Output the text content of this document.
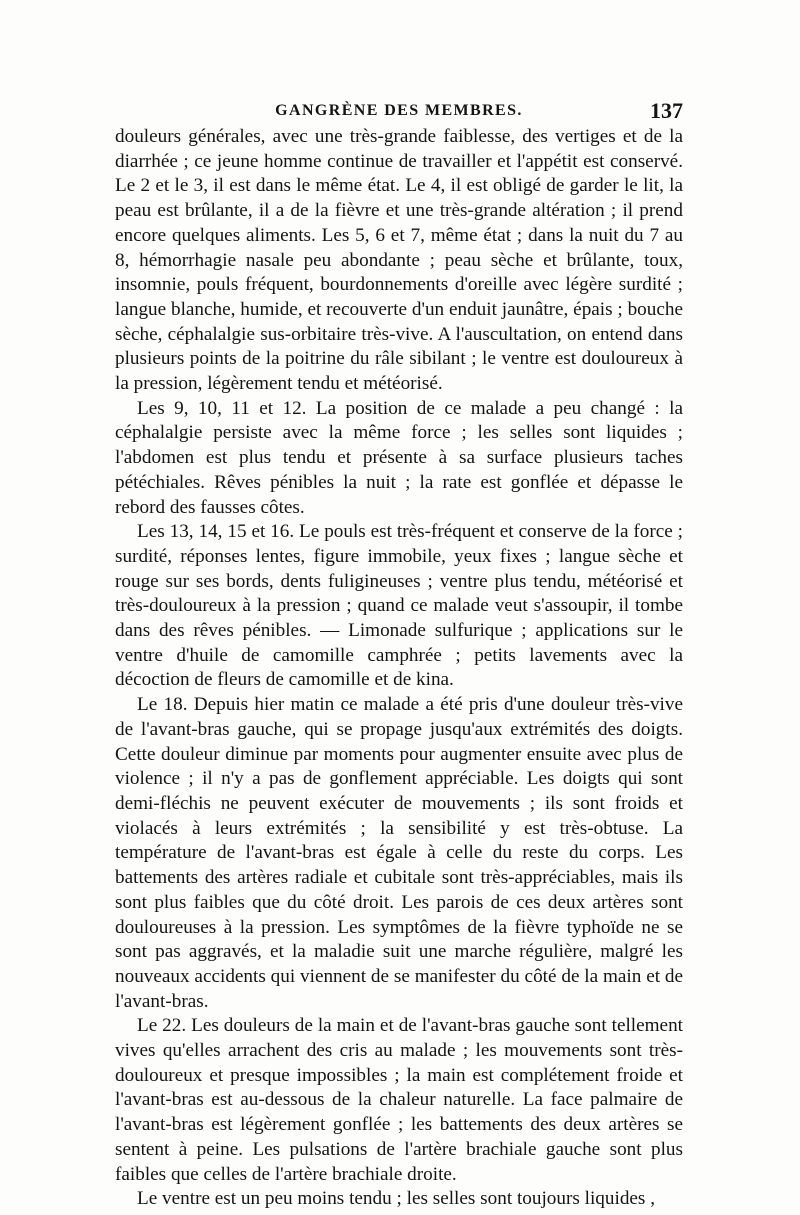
GANGRÈNE DES MEMBRES.	137

douleurs générales, avec une très-grande faiblesse, des vertiges et de la diarrhée ; ce jeune homme continue de travailler et l'appétit est conservé. Le 2 et le 3, il est dans le même état. Le 4, il est obligé de garder le lit, la peau est brûlante, il a de la fièvre et une très-grande altération ; il prend encore quelques aliments. Les 5, 6 et 7, même état ; dans la nuit du 7 au 8, hémorrhagie nasale peu abondante ; peau sèche et brûlante, toux, insomnie, pouls fréquent, bourdonnements d'oreille avec légère surdité ; langue blanche, humide, et recouverte d'un enduit jaunâtre, épais ; bouche sèche, céphalalgie sus-orbitaire très-vive. A l'auscultation, on entend dans plusieurs points de la poitrine du râle sibilant ; le ventre est douloureux à la pression, légèrement tendu et météorisé.

Les 9, 10, 11 et 12. La position de ce malade a peu changé : la céphalalgie persiste avec la même force ; les selles sont liquides ; l'abdomen est plus tendu et présente à sa surface plusieurs taches pétéchiales. Rêves pénibles la nuit ; la rate est gonflée et dépasse le rebord des fausses côtes.

Les 13, 14, 15 et 16. Le pouls est très-fréquent et conserve de la force ; surdité, réponses lentes, figure immobile, yeux fixes ; langue sèche et rouge sur ses bords, dents fuligineuses ; ventre plus tendu, météorisé et très-douloureux à la pression ; quand ce malade veut s'assoupir, il tombe dans des rêves pénibles. — Limonade sulfurique ; applications sur le ventre d'huile de camomille camphrée ; petits lavements avec la décoction de fleurs de camomille et de kina.

Le 18. Depuis hier matin ce malade a été pris d'une douleur très-vive de l'avant-bras gauche, qui se propage jusqu'aux extrémités des doigts. Cette douleur diminue par moments pour augmenter ensuite avec plus de violence ; il n'y a pas de gonflement appréciable. Les doigts qui sont demi-fléchis ne peuvent exécuter de mouvements ; ils sont froids et violacés à leurs extrémités ; la sensibilité y est très-obtuse. La température de l'avant-bras est égale à celle du reste du corps. Les battements des artères radiale et cubitale sont très-appréciables, mais ils sont plus faibles que du côté droit. Les parois de ces deux artères sont douloureuses à la pression. Les symptômes de la fièvre typhoïde ne se sont pas aggravés, et la maladie suit une marche régulière, malgré les nouveaux accidents qui viennent de se manifester du côté de la main et de l'avant-bras.

Le 22. Les douleurs de la main et de l'avant-bras gauche sont tellement vives qu'elles arrachent des cris au malade ; les mouvements sont très-douloureux et presque impossibles ; la main est complétement froide et l'avant-bras est au-dessous de la chaleur naturelle. La face palmaire de l'avant-bras est légèrement gonflée ; les battements des deux artères se sentent à peine. Les pulsations de l'artère brachiale gauche sont plus faibles que celles de l'artère brachiale droite.

Le ventre est un peu moins tendu ; les selles sont toujours liquides ,
